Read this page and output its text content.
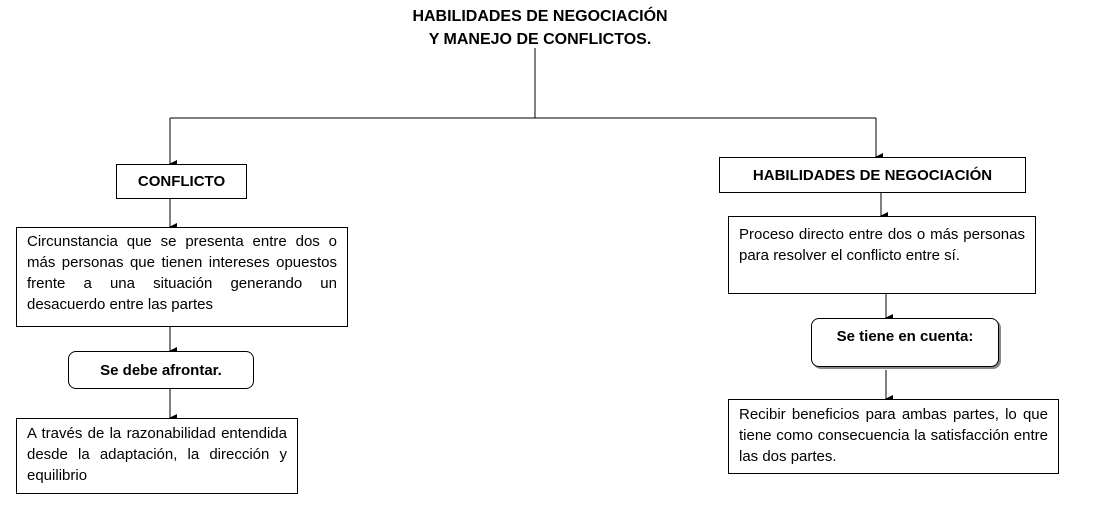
HABILIDADES DE NEGOCIACIÓN
Y MANEJO DE CONFLICTOS.
CONFLICTO
Circunstancia que se presenta entre dos o más personas que tienen intereses opuestos frente a una situación generando un desacuerdo entre las partes
Se debe afrontar.
A través de la razonabilidad entendida desde la adaptación, la dirección y equilibrio
HABILIDADES DE NEGOCIACIÓN
Proceso directo entre dos o más personas para resolver el conflicto entre sí.
Se tiene en cuenta:
Recibir beneficios para ambas partes, lo que tiene como consecuencia la satisfacción entre las dos partes.
